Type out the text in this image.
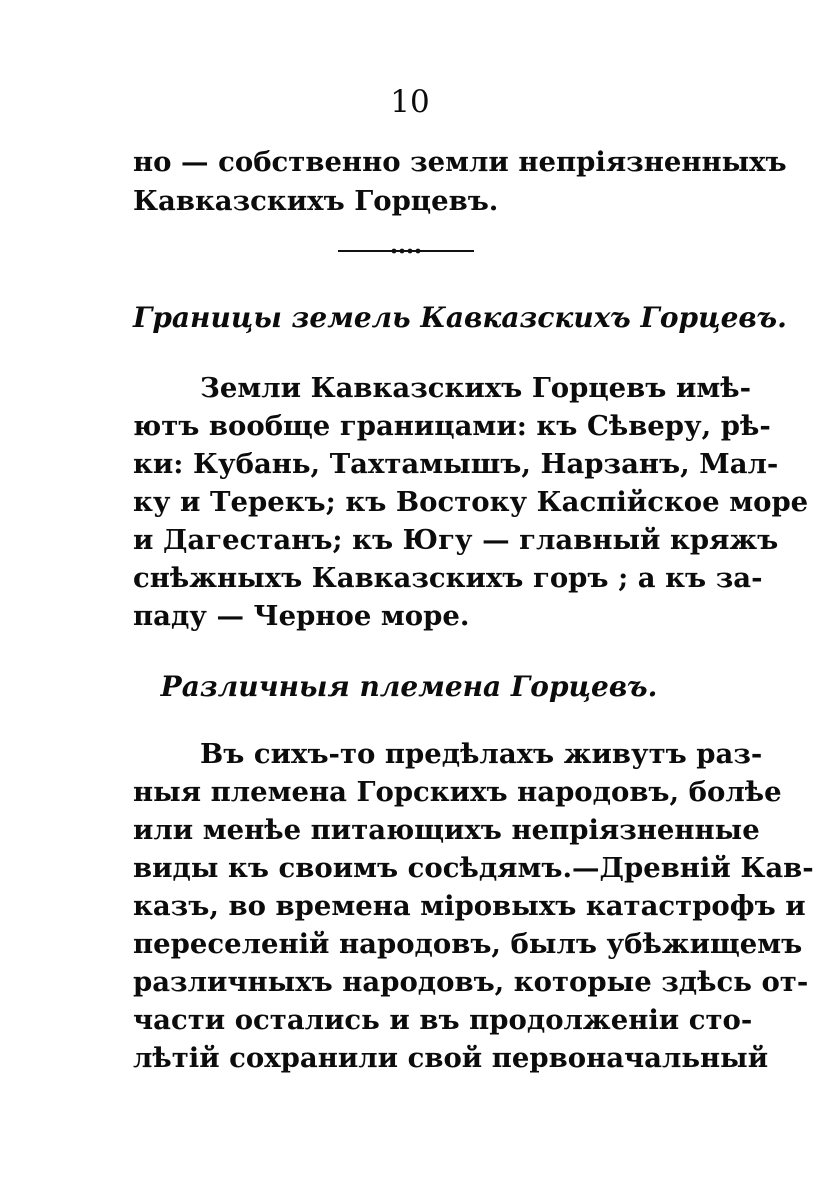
10
но — собственно земли непріязненныхъ
Кавказскихъ Горцевъ.
Границы земель Кавказскихъ Горцевъ.
Земли Кавказскихъ Горцевъ имѣ-
ютъ вообще границами: къ Сѣверу, рѣ-
ки: Кубань, Тахтамышъ, Нарзанъ, Мал-
ку и Терекъ; къ Востоку Каспійское море
и Дагестанъ; къ Югу — главный кряжъ
снѣжныхъ Кавказскихъ горъ ; а къ за-
паду — Черное море.
Различныя племена Горцевъ.
Въ сихъ-то предѣлахъ живутъ раз-
ныя племена Горскихъ народовъ, болѣе
или менѣе питающихъ непріязненные
виды къ своимъ сосѣдямъ.—Древній Кав-
казъ, во времена міровыхъ катастрофъ и
переселеній народовъ, былъ убѣжищемъ
различныхъ народовъ, которые здѣсь от-
части остались и въ продолженіи сто-
лѣтій сохранили свой первоначальный
